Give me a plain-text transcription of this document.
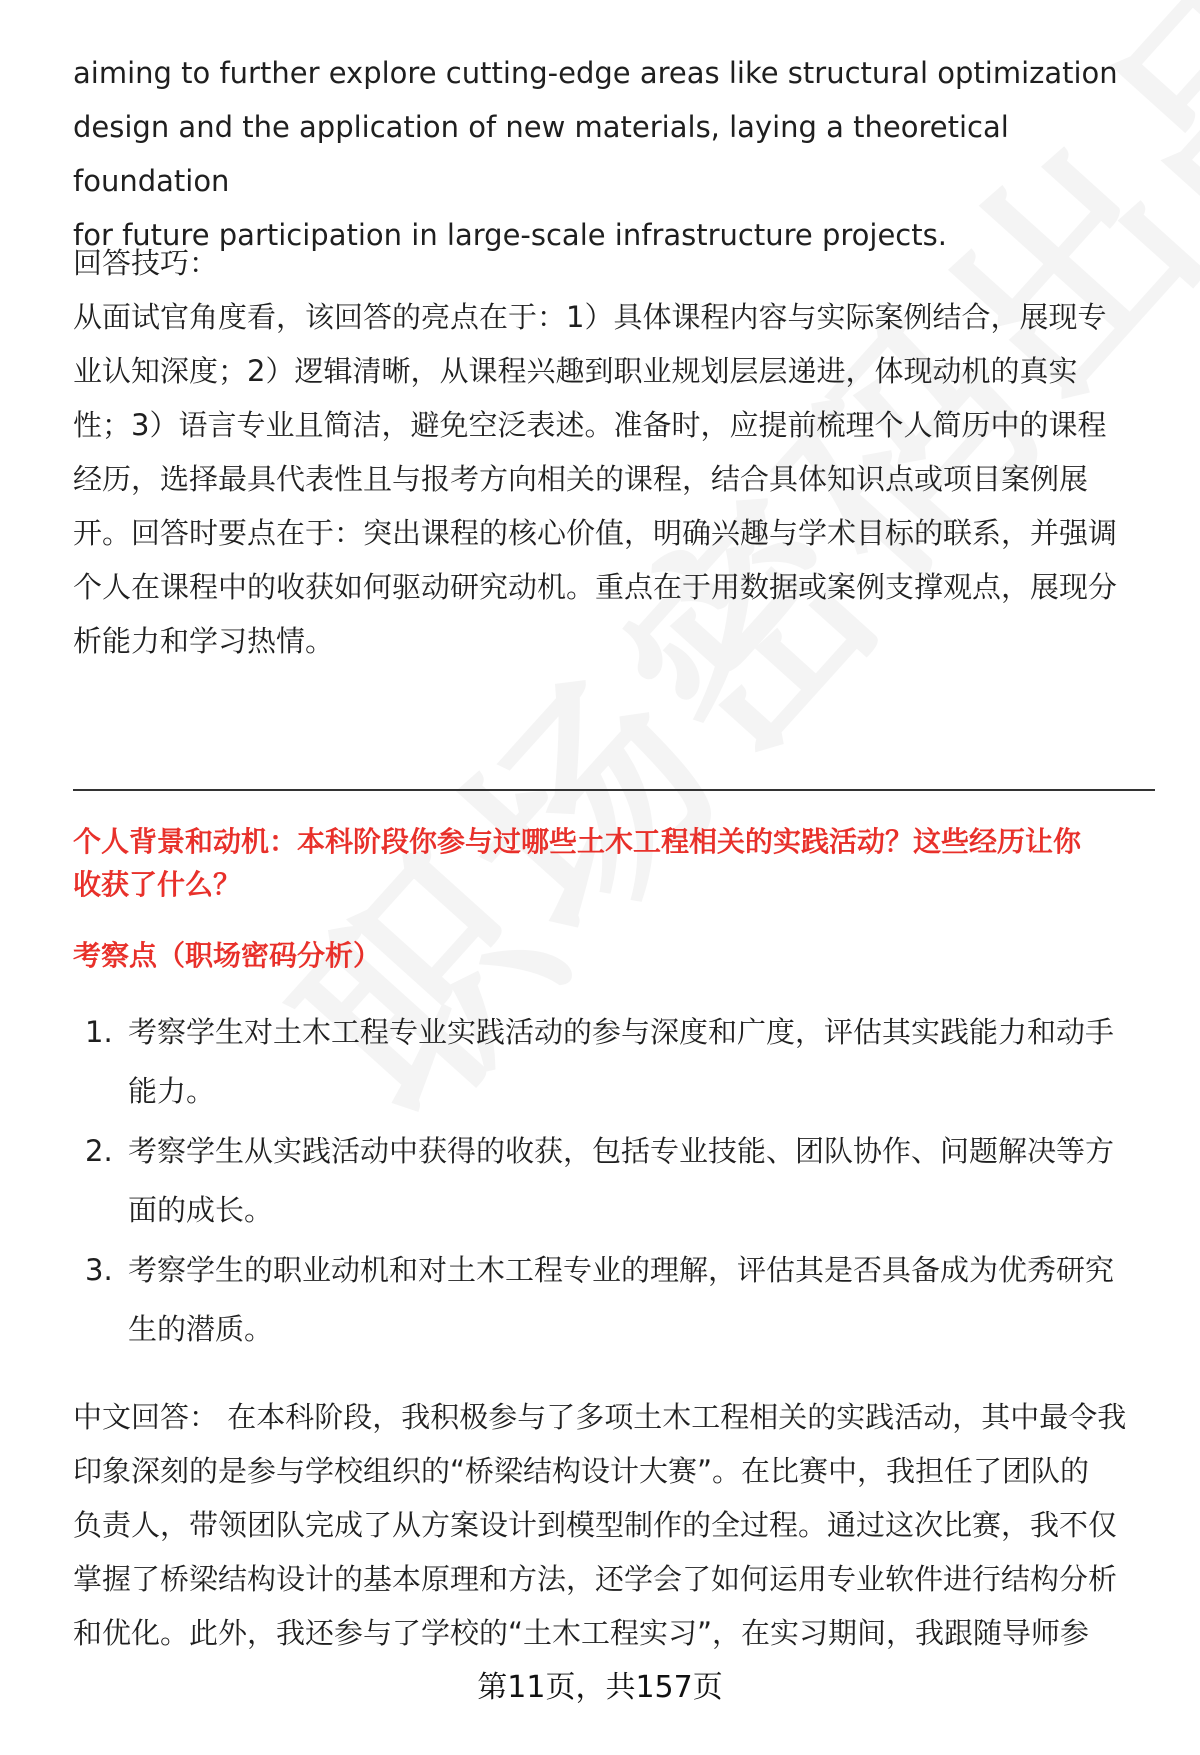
aiming to further explore cutting-edge areas like structural optimization
design and the application of new materials, laying a theoretical foundation
for future participation in large-scale infrastructure projects.

回答技巧：
从面试官角度看，该回答的亮点在于：1）具体课程内容与实际案例结合，展现专
业认知深度；2）逻辑清晰，从课程兴趣到职业规划层层递进，体现动机的真实
性；3）语言专业且简洁，避免空泛表述。准备时，应提前梳理个人简历中的课程
经历，选择最具代表性且与报考方向相关的课程，结合具体知识点或项目案例展
开。回答时要点在于：突出课程的核心价值，明确兴趣与学术目标的联系，并强调
个人在课程中的收获如何驱动研究动机。重点在于用数据或案例支撑观点，展现分
析能力和学习热情。

个人背景和动机：本科阶段你参与过哪些土木工程相关的实践活动？这些经历让你
收获了什么？

考察点（职场密码分析）

1. 考察学生对土木工程专业实践活动的参与深度和广度，评估其实践能力和动手
能力。
2. 考察学生从实践活动中获得的收获，包括专业技能、团队协作、问题解决等方
面的成长。
3. 考察学生的职业动机和对土木工程专业的理解，评估其是否具备成为优秀研究
生的潜质。

中文回答： 在本科阶段，我积极参与了多项土木工程相关的实践活动，其中最令我
印象深刻的是参与学校组织的“桥梁结构设计大赛”。在比赛中，我担任了团队的
负责人，带领团队完成了从方案设计到模型制作的全过程。通过这次比赛，我不仅
掌握了桥梁结构设计的基本原理和方法，还学会了如何运用专业软件进行结构分析
和优化。此外，我还参与了学校的“土木工程实习”，在实习期间，我跟随导师参

第11页，共157页
